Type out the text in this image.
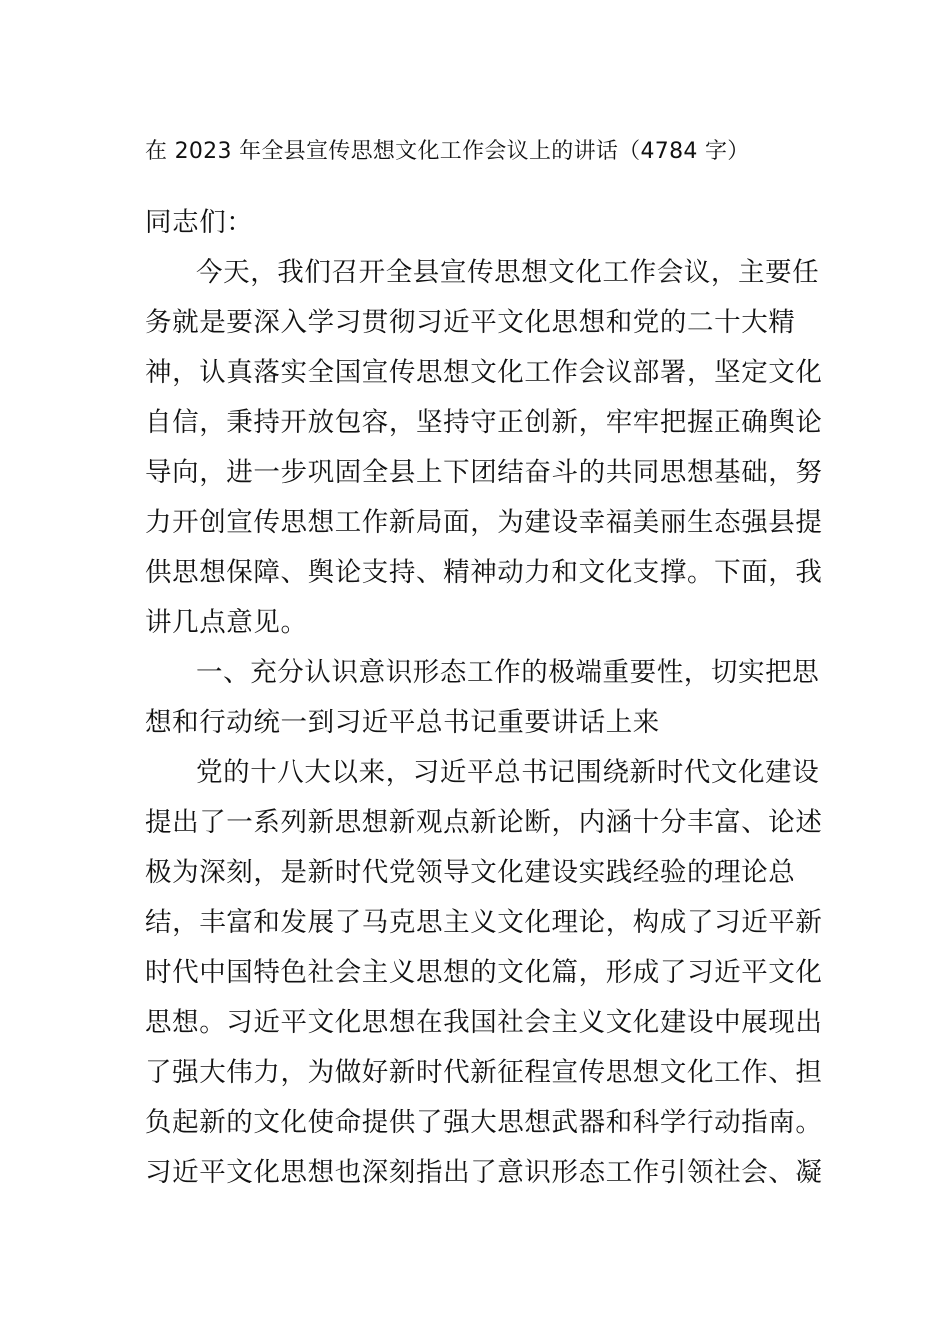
在 2023 年全县宣传思想文化工作会议上的讲话（4784 字）
同志们：
今天，我们召开全县宣传思想文化工作会议，主要任
务就是要深入学习贯彻习近平文化思想和党的二十大精
神，认真落实全国宣传思想文化工作会议部署，坚定文化
自信，秉持开放包容，坚持守正创新，牢牢把握正确舆论
导向，进一步巩固全县上下团结奋斗的共同思想基础，努
力开创宣传思想工作新局面，为建设幸福美丽生态强县提
供思想保障、舆论支持、精神动力和文化支撑。下面，我
讲几点意见。
一、充分认识意识形态工作的极端重要性，切实把思
想和行动统一到习近平总书记重要讲话上来
党的十八大以来，习近平总书记围绕新时代文化建设
提出了一系列新思想新观点新论断，内涵十分丰富、论述
极为深刻，是新时代党领导文化建设实践经验的理论总
结，丰富和发展了马克思主义文化理论，构成了习近平新
时代中国特色社会主义思想的文化篇，形成了习近平文化
思想。习近平文化思想在我国社会主义文化建设中展现出
了强大伟力，为做好新时代新征程宣传思想文化工作、担
负起新的文化使命提供了强大思想武器和科学行动指南。
习近平文化思想也深刻指出了意识形态工作引领社会、凝
